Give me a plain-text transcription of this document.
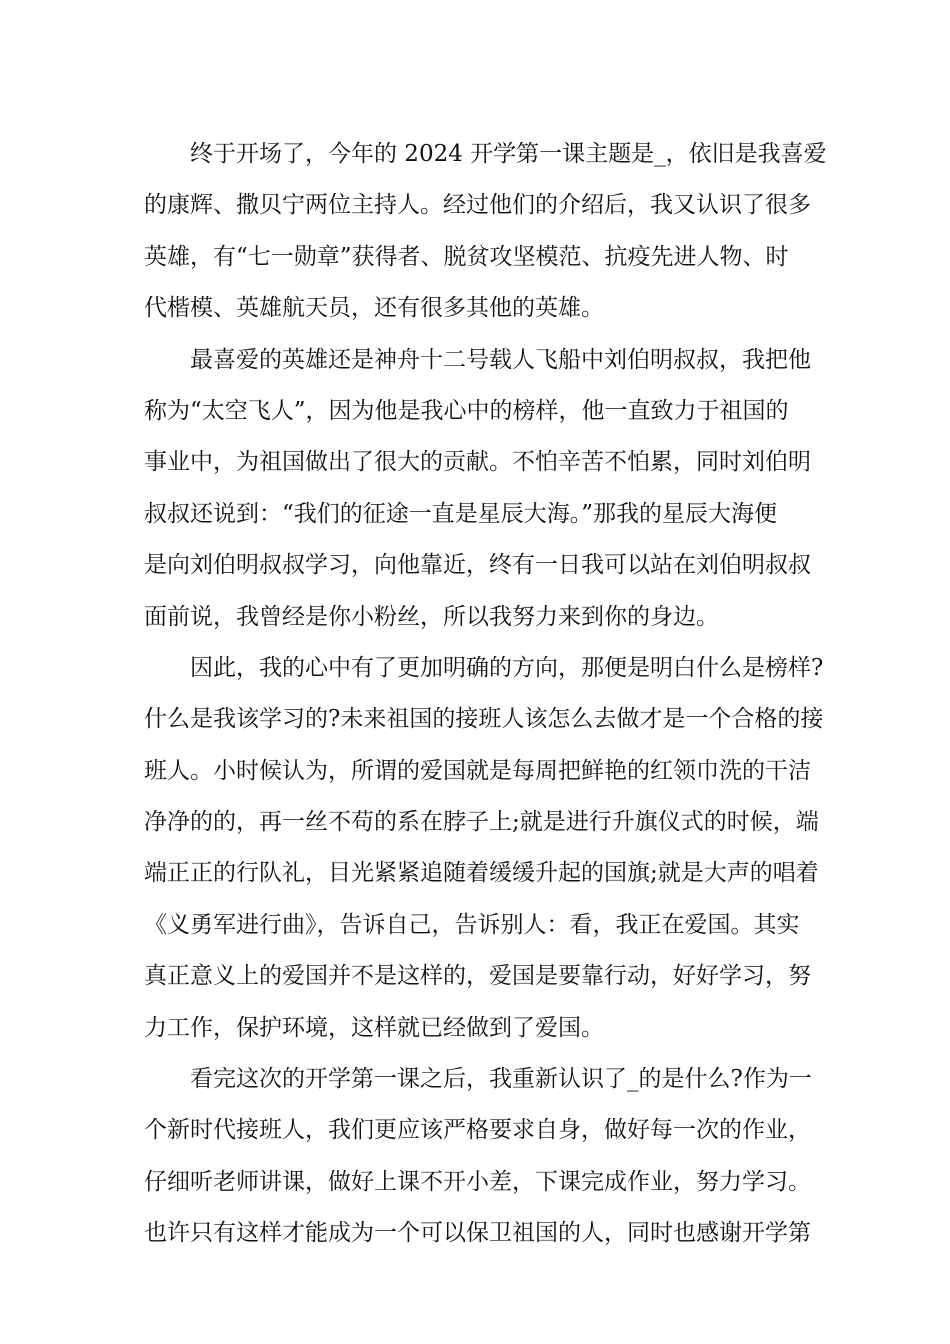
终于开场了，今年的 2024 开学第一课主题是_，依旧是我喜爱
的康辉、撒贝宁两位主持人。经过他们的介绍后，我又认识了很多
英雄，有“七一勋章”获得者、脱贫攻坚模范、抗疫先进人物、时
代楷模、英雄航天员，还有很多其他的英雄。
最喜爱的英雄还是神舟十二号载人飞船中刘伯明叔叔，我把他
称为“太空飞人”，因为他是我心中的榜样，他一直致力于祖国的
事业中，为祖国做出了很大的贡献。不怕辛苦不怕累，同时刘伯明
叔叔还说到：“我们的征途一直是星辰大海。”那我的星辰大海便
是向刘伯明叔叔学习，向他靠近，终有一日我可以站在刘伯明叔叔
面前说，我曾经是你小粉丝，所以我努力来到你的身边。
因此，我的心中有了更加明确的方向，那便是明白什么是榜样?
什么是我该学习的?未来祖国的接班人该怎么去做才是一个合格的接
班人。小时候认为，所谓的爱国就是每周把鲜艳的红领巾洗的干洁
净净的的，再一丝不苟的系在脖子上;就是进行升旗仪式的时候，端
端正正的行队礼，目光紧紧追随着缓缓升起的国旗;就是大声的唱着
《义勇军进行曲》，告诉自己，告诉别人：看，我正在爱国。其实
真正意义上的爱国并不是这样的，爱国是要靠行动，好好学习，努
力工作，保护环境，这样就已经做到了爱国。
看完这次的开学第一课之后，我重新认识了_的是什么?作为一
个新时代接班人，我们更应该严格要求自身，做好每一次的作业，
仔细听老师讲课，做好上课不开小差，下课完成作业，努力学习。
也许只有这样才能成为一个可以保卫祖国的人，同时也感谢开学第
